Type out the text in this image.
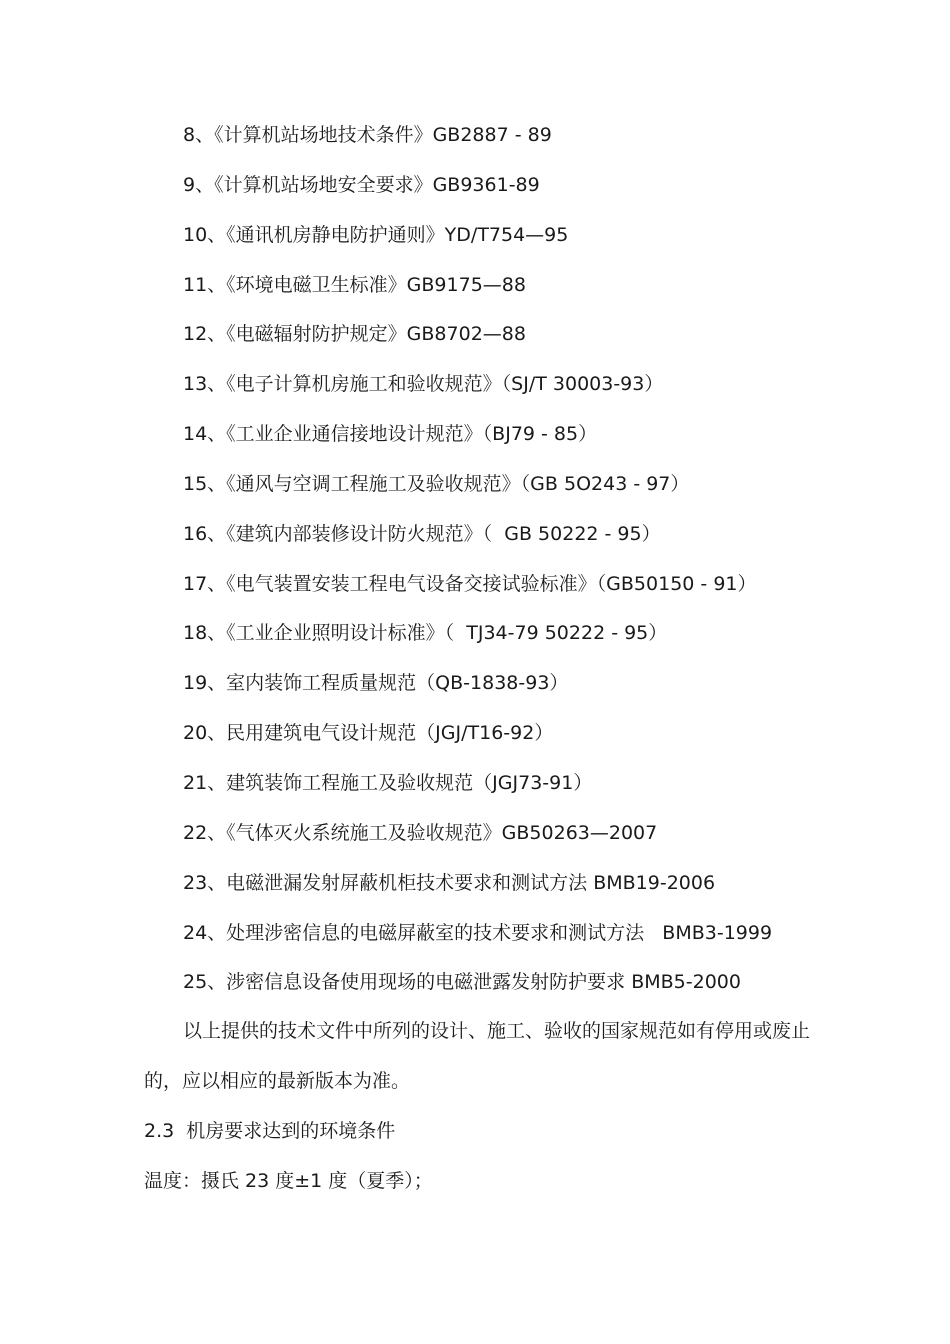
8、《计算机站场地技术条件》GB2887 - 89
9、《计算机站场地安全要求》GB9361-89
10、《通讯机房静电防护通则》YD/T754—95
11、《环境电磁卫生标准》GB9175—88
12、《电磁辐射防护规定》GB8702—88
13、《电子计算机房施工和验收规范》（SJ/T 30003-93）
14、《工业企业通信接地设计规范》（BJ79 - 85）
15、《通风与空调工程施工及验收规范》（GB 5O243 - 97）
16、《建筑内部装修设计防火规范》（  GB 50222 - 95）
17、《电气装置安装工程电气设备交接试验标准》（GB50150 - 91）
18、《工业企业照明设计标准》（  TJ34-79 50222 - 95）
19、室内装饰工程质量规范（QB-1838-93）
20、民用建筑电气设计规范（JGJ/T16-92）
21、建筑装饰工程施工及验收规范（JGJ73-91）
22、《气体灭火系统施工及验收规范》GB50263—2007
23、电磁泄漏发射屏蔽机柜技术要求和测试方法 BMB19-2006
24、处理涉密信息的电磁屏蔽室的技术要求和测试方法   BMB3-1999
25、涉密信息设备使用现场的电磁泄露发射防护要求 BMB5-2000
以上提供的技术文件中所列的设计、施工、验收的国家规范如有停用或废止
的，应以相应的最新版本为准。
2.3  机房要求达到的环境条件
温度：摄氏 23 度±1 度（夏季）；
